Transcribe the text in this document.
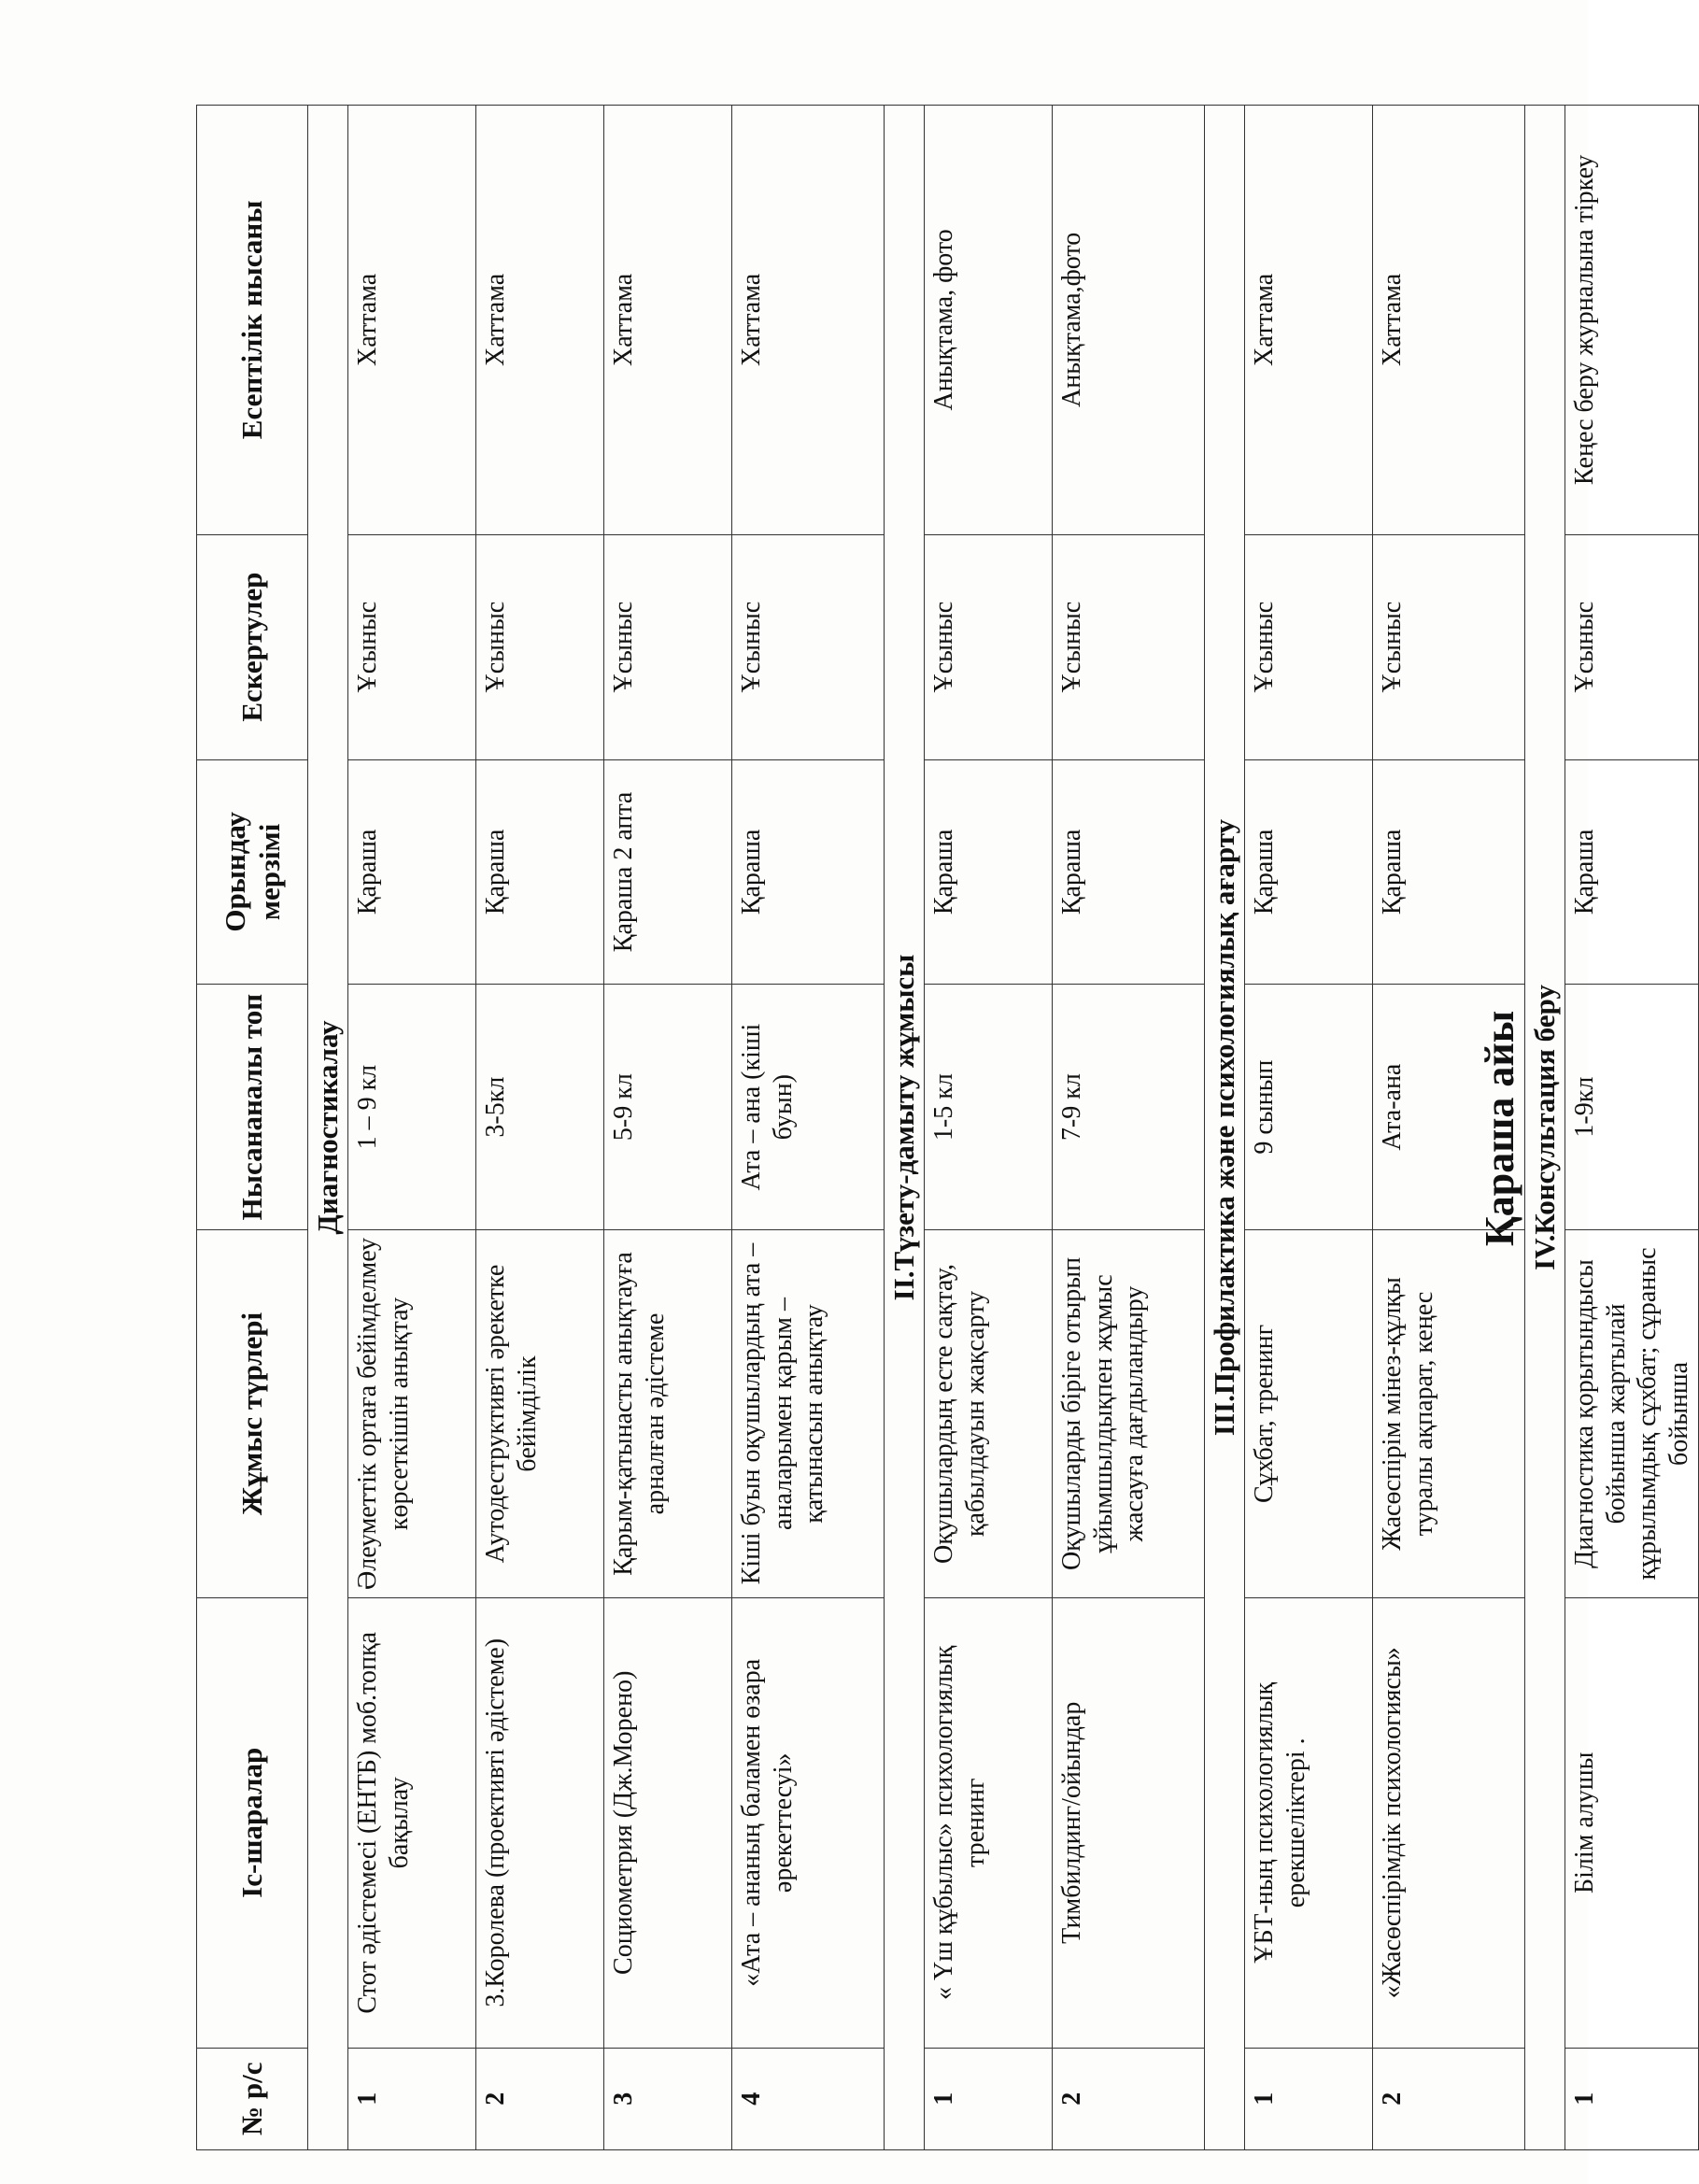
Қараша айы
№ р/с	Іс-шаралар	Жұмыс түрлері	Нысананалы топ	Орындау мерзімі	Ескертулер	Есептілік нысаны
Диагностикалау						
1	Стот әдістемесі (ЕНТБ) моб.топқа бақылау	Әлеуметтік ортаға бейімделмеу көрсеткішін анықтау	1 – 9 кл	Қараша	Ұсыныс	Хаттама
2	3.Королева (проективті әдістеме)	Аутодеструктивті әрекетке бейімділік	3-5кл	Қараша	Ұсыныс	Хаттама
3	Социометрия (Дж.Морено)	Қарым-қатынасты анықтауға арналған әдістеме	5-9 кл	Қараша 2 апта	Ұсыныс	Хаттама
4	«Ата – ананың баламен өзара әрекеттесуі»	Кіші буын оқушылардың ата – аналарымен қарым – қатынасын анықтау	Ата – ана (кіші буын)	Қараша	Ұсыныс	Хаттама
ІІ.Түзету-дамыту жұмысы						
1	« Үш құбылыс» психологиялық тренинг	Оқушылардың есте сақтау, қабылдауын жақсарту	1-5 кл	Қараша	Ұсыныс	Анықтама, фото
2	Тимбилдинг/ойындар	Оқушыларды біріге отырып ұйымшылдықпен жұмыс жасауға дағдыландыру	7-9 кл	Қараша	Ұсыныс	Анықтама,фото
ІІІ.Профилактика және психологиялық ағарту						
1	ҰБТ-ның психологиялық ерекшеліктері .	Сұхбат, тренинг	9 сынып	Қараша	Ұсыныс	Хаттама
2	«Жасөспірімдік психологиясы»	Жасөспірім мінез-құлқы туралы ақпарат, кеңес	Ата-ана	Қараша	Ұсыныс	Хаттама
ІV.Консультация беру						
1	Білім алушы	Диагностика қорытындысы бойынша жартылай құрылымдық сұхбат; сұраныс бойынша	1-9кл	Қараша	Ұсыныс	Кеңес беру журналына тіркеу
